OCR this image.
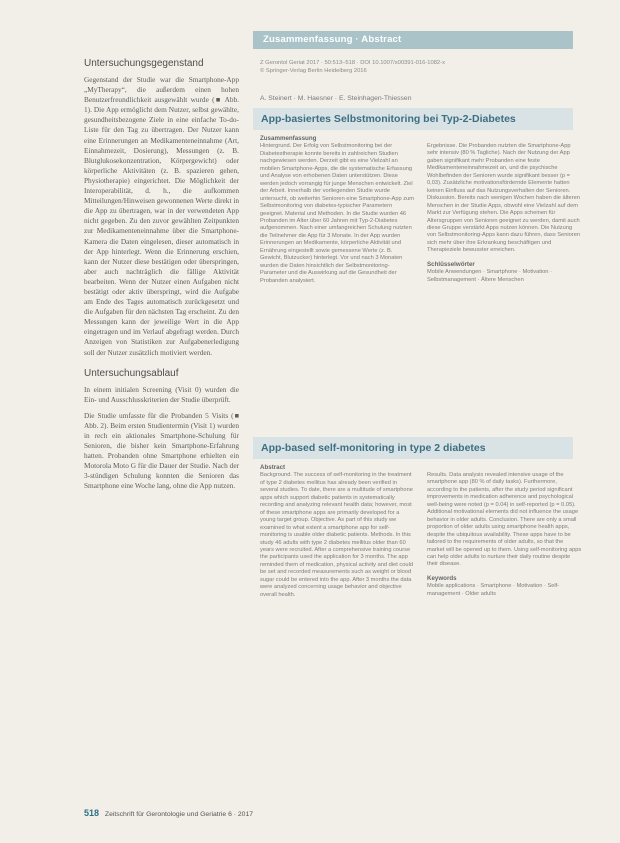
Untersuchungsgegenstand

Gegenstand der Studie war die Smartphone-App „MyTherapy“, die außerdem einen hohen Benutzerfreundlichkeit ausgewählt wurde (■ Abb. 1). Die App ermöglicht dem Nutzer, selbst gewählte, gesundheitsbezogene Ziele in eine einfache To-do-Liste für den Tag zu übertragen. Der Nutzer kann eine Erinnerungen an Medikamenteneinnahme (Art, Einnahmezeit, Dosierung), Messungen (z. B. Blutglukosekonzentration, Körpergewicht) oder körperliche Aktivitäten (z. B. spazieren gehen, Physiotherapie) eingerichtet. Die Möglichkeit der Interoperabilität, d. h., die aufkommen Mitteilungen/Hinweisen gewonnenen Werte direkt in die App zu übertragen, war in der verwendeten App nicht gegeben. Zu den zuvor gewählten Zeitpunkten zur Medikamenteneinnahme über die Smartphone-Kamera die Daten eingelesen, dieser automatisch in der App hinterlegt. Wenn die Erinnerung erschien, kann der Nutzer diese bestätigen oder überspringen, aber auch nachträglich die fällige Aktivität bearbeiten. Wenn der Nutzer einen Aufgaben nicht bestätigt oder aktiv überspringt, wird die Aufgabe am Ende des Tages automatisch zurückgesetzt und die Aufgaben für den nächsten Tag erscheint. Zu den Messungen kann der jeweilige Wert in die App eingetragen und im Verlauf abgefragt werden. Durch Anzeigen von Statistiken zur Aufgabenerledigung soll der Nutzer zusätzlich motiviert werden.

Untersuchungsablauf

In einem initialen Screening (Visit 0) wurden die Ein- und Ausschlusskriterien der Studie überprüft.

Die Studie umfasste für die Probanden 5 Visits (■ Abb. 2). Beim ersten Studientermin (Visit 1) wurden in rech ein aktionales Smartphone-Schulung für Senioren, die bisher kein Smartphone-Erfahrung hatten. Probanden ohne Smartphone erhielten ein Motorola Moto G für die Dauer der Studie. Nach der 3-stündigen Schulung konnten die Senioren das Smartphone eine Woche lang, ohne die App nutzen.

Zusammenfassung · Abstract
Z Gerontol Geriat 2017 · 50:513–518 · DOI 10.1007/s00391-016-1082-x
© Springer-Verlag Berlin Heidelberg 2016
A. Steinert · M. Haesner · E. Steinhagen-Thiessen
App-basiertes Selbstmonitoring bei Typ-2-Diabetes
Zusammenfassung

Hintergrund. Der Erfolg von Selbstmonitoring bei der Diabetestherapie konnte bereits in zahlreichen Studien nachgewiesen werden. Derzeit gibt es eine Vielzahl an mobilen Smartphone-Apps, die die systematische Erfassung und Analyse von erhobenen Daten unterstützen. Diese werden jedoch vorrangig für junge Menschen entwickelt. Ziel der Arbeit. Innerhalb der vorliegenden Studie wurde untersucht, ob weiterhin Senioren eine Smartphone-App zum Selbstmonitoring von diabetes-typischer Parametern geeignet. Material und Methoden. In die Studie wurden 46 Probanden im Alter über 60 Jahren mit Typ-2-Diabetes aufgenommen. Nach einer umfangreichen Schulung nutzten die Teilnehmer die App für 3 Monate. In der App wurden Erinnerungen an Medikamente, körperliche Aktivität und Ernährung eingestellt sowie gemessene Werte (z. B. Gewicht, Blutzucker) hinterlegt. Vor und nach 3 Monaten wurden die Daten hinsichtlich der Selbstmonitoring-Parameter und die Auswirkung auf die Gesundheit der Probanden analysiert.

Ergebnisse. Die Probanden nutzten die Smartphone-App sehr intensiv (80 % Tagliche). Nach der Nutzung der App gaben signifikant mehr Probanden eine feste Medikamenteneinnahmezeit an, und die psychische Wohlbefinden der Senioren wurde signifikant besser (p = 0,03). Zusätzliche motivationsfördernde Elemente hatten keinen Einfluss auf das Nutzungsverhalten der Senioren. Diskussion. Bereits nach wenigen Wochen haben die älteren Menschen in der Studie Apps, obwohl eine Vielzahl auf dem Markt zur Verfügung stehen. Die Apps scheinen für Altersgruppen von Senioren geeignet zu werden, damit auch diese Gruppe verstärkt Apps nutzen können. Die Nutzung von Selbstmonitoring-Apps kann dazu führen, dass Senioren sich mehr über ihre Erkrankung beschäftigen und Therapieziele bewusster erreichen.

Schlüsselwörter

Mobile Anwendungen · Smartphone · Motivation · Selbstmanagement · Ältere Menschen

App-based self-monitoring in type 2 diabetes
Abstract

Background. The success of self-monitoring in the treatment of type 2 diabetes mellitus has already been verified in several studies. To date, there are a multitude of smartphone apps which support diabetic patients in systematically recording and analyzing relevant health data; however, most of these smartphone apps are primarily developed for a young target group. Objective. As part of this study we examined to what extent a smartphone app for self-monitoring is usable older diabetic patients. Methods. In this study 46 adults with type 2 diabetes mellitus older than 60 years were recruited. After a comprehensive training course the participants used the application for 3 months. The app reminded them of medication, physical activity and diet could be set and recorded measurements such as weight or blood sugar could be entered into the app. After 3 months the data were analyzed concerning usage behavior and objective overall health.

Results. Data analysis revealed intensive usage of the smartphone app (80 % of daily tasks). Furthermore, according to the patients, after the study period significant improvements in medication adherence and psychological well-being were noted (p = 0.04) in self-reported (p = 0.05). Additional motivational elements did not influence the usage behavior in older adults. Conclusion. There are only a small proportion of older adults using smartphone health apps, despite the ubiquitous availability. These apps have to be tailored to the requirements of older adults, so that the market will be opened up to them. Using self-monitoring apps can help older adults to nurture their daily routine despite their disease.

Keywords

Mobile applications · Smartphone · Motivation · Self-management · Older adults

518 Zeitschrift für Gerontologie und Geriatrie 6 · 2017
